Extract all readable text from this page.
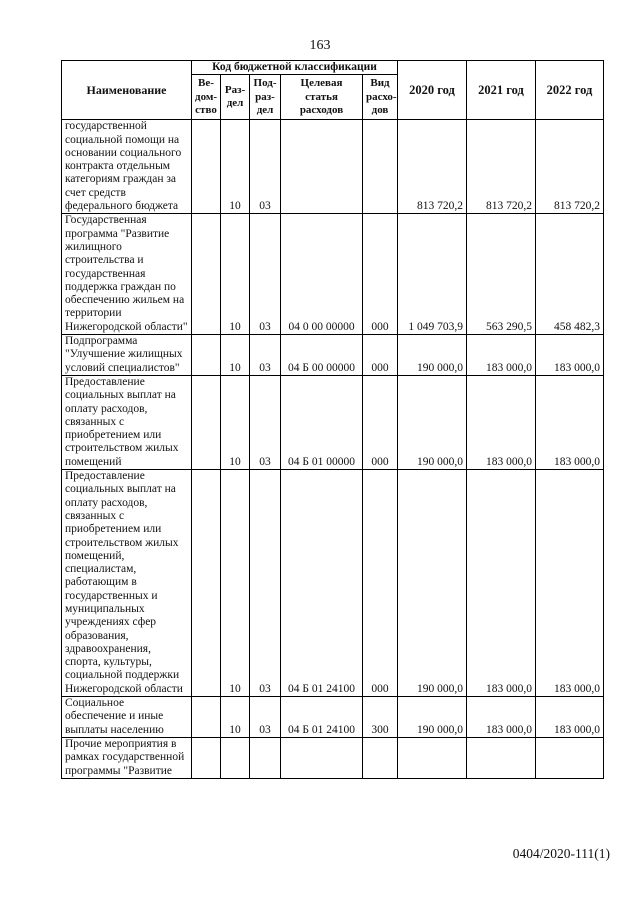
163
Наименование	Код бюджетной классификации					2020 год	2021 год	2022 год
	Ве-дом-ство	Раз-дел	Под-раз-дел	Целевая статья расходов	Вид расхо-дов			
государственной социальной помощи на основании социального контракта отдельным категориям граждан за счет средств федерального бюджета		10	03			813 720,2	813 720,2	813 720,2
Государственная программа "Развитие жилищного строительства и государственная поддержка граждан по обеспечению жильем на территории Нижегородской области"		10	03	04 0 00 00000	000	1 049 703,9	563 290,5	458 482,3
Подпрограмма "Улучшение жилищных условий специалистов"		10	03	04 Б 00 00000	000	190 000,0	183 000,0	183 000,0
Предоставление социальных выплат на оплату расходов, связанных с приобретением или строительством жилых помещений		10	03	04 Б 01 00000	000	190 000,0	183 000,0	183 000,0
Предоставление социальных выплат на оплату расходов, связанных с приобретением или строительством жилых помещений, специалистам, работающим в государственных и муниципальных учреждениях сфер образования, здравоохранения, спорта, культуры, социальной поддержки Нижегородской области		10	03	04 Б 01 24100	000	190 000,0	183 000,0	183 000,0
Социальное обеспечение и иные выплаты населению		10	03	04 Б 01 24100	300	190 000,0	183 000,0	183 000,0
Прочие мероприятия в рамках государственной программы "Развитие								
0404/2020-111(1)
